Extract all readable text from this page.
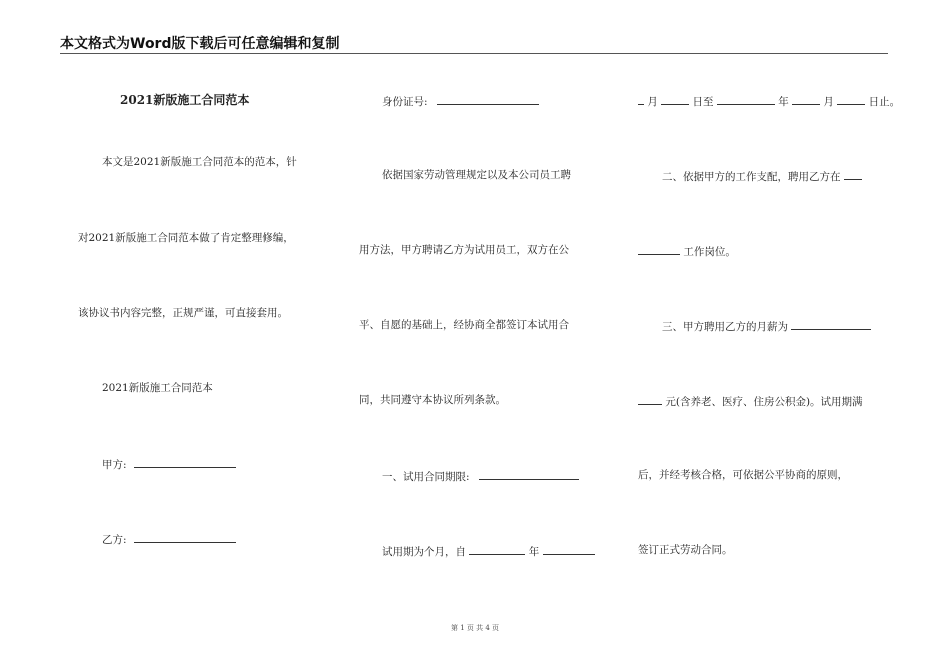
本文格式为Word版下载后可任意编辑和复制
2021新版施工合同范本
本文是2021新版施工合同范本的范本，针
对2021新版施工合同范本做了肯定整理修编，
该协议书内容完整，正规严谨，可直接套用。
2021新版施工合同范本
甲方:
乙方:
身份证号:
依据国家劳动管理规定以及本公司员工聘
用方法，甲方聘请乙方为试用员工，双方在公
平、自愿的基础上，经协商全都签订本试用合
同，共同遵守本协议所列条款。
一、试用合同期限:
试用期为个月，自	年
月	日至	年	月	日止。
二、依据甲方的工作支配，聘用乙方在
工作岗位。
三、甲方聘用乙方的月薪为
元(含养老、医疗、住房公积金)。试用期满
后，并经考核合格，可依据公平协商的原则，
签订正式劳动合同。
第 1 页 共 4 页
